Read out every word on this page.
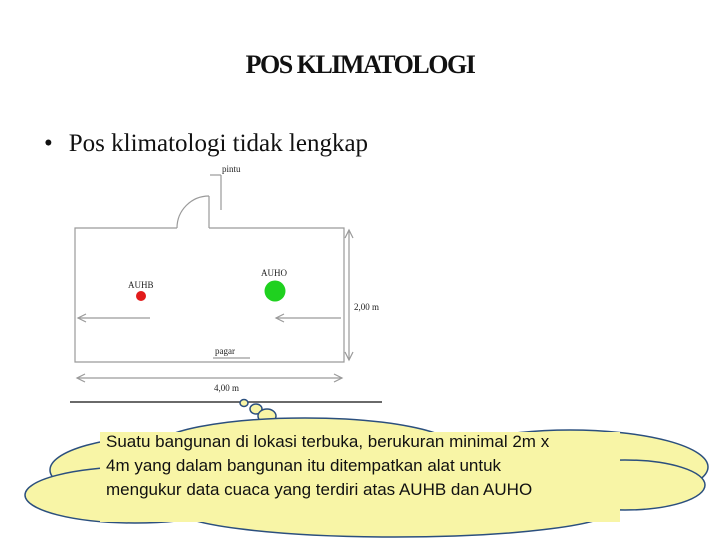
POS KLIMATOLOGI
• Pos klimatologi tidak lengkap
pintu
AUHB
AUHO
2,00 m
pagar
4,00 m
Suatu bangunan di lokasi terbuka, berukuran minimal 2m x 4m yang dalam bangunan itu ditempatkan alat untuk mengukur data cuaca yang terdiri atas AUHB dan AUHO
